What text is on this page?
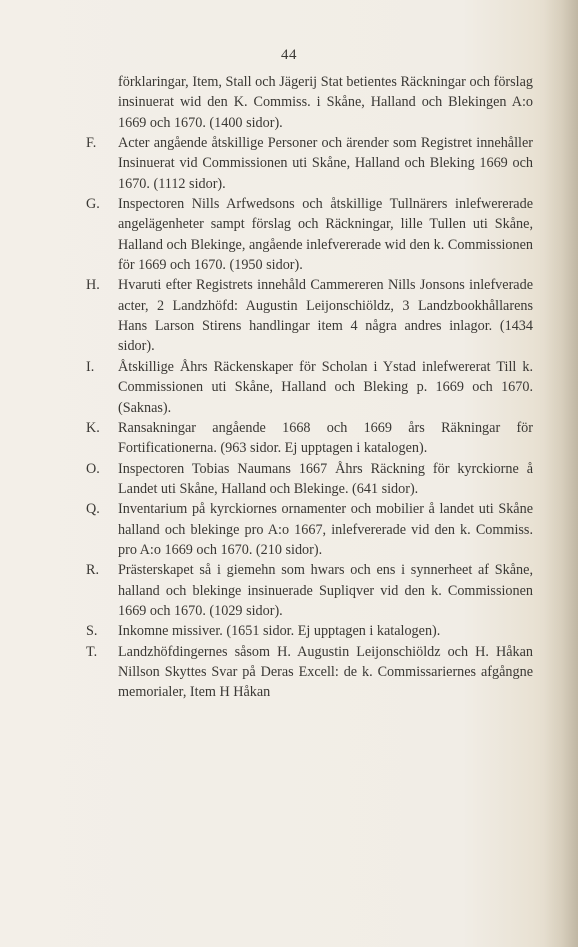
44

förklaringar, Item, Stall och Jägerij Stat betientes Räckningar och förslag insinuerat wid den K. Commiss. i Skåne, Halland och Blekingen A:o 1669 och 1670. (1400 sidor).

F.	Acter angående åtskillige Personer och ärender som Registret innehåller Insinuerat vid Commissionen uti Skåne, Halland och Bleking 1669 och 1670. (1112 sidor).

G.	Inspectoren Nills Arfwedsons och åtskillige Tullnärers inlefwererade angelägenheter sampt förslag och Räckningar, lille Tullen uti Skåne, Halland och Blekinge, angående inlefvererade wid den k. Commissionen för 1669 och 1670. (1950 sidor).

H.	Hvaruti efter Registrets innehåld Cammereren Nills Jonsons inlefverade acter, 2 Landzhöfd: Augustin Leijonschiöldz, 3 Landzbookhållarens Hans Larson Stirens handlingar item 4 några andres inlagor. (1434 sidor).

I.	Åtskillige Åhrs Räckenskaper för Scholan i Ystad inlefwererat Till k. Commissionen uti Skåne, Halland och Bleking p. 1669 och 1670. (Saknas).

K.	Ransakningar angående 1668 och 1669 års Räkningar för Fortificationerna. (963 sidor. Ej upptagen i katalogen).

O.	Inspectoren Tobias Naumans 1667 Åhrs Räckning för kyrckiorne å Landet uti Skåne, Halland och Blekinge. (641 sidor).

Q.	Inventarium på kyrckiornes ornamenter och mobilier å landet uti Skåne halland och blekinge pro A:o 1667, inlefvererade vid den k. Commiss. pro A:o 1669 och 1670. (210 sidor).

R.	Prästerskapet så i giemehn som hwars och ens i synnerheet af Skåne, halland och blekinge insinuerade Supliqver vid den k. Commissionen 1669 och 1670. (1029 sidor).

S.	Inkomne missiver. (1651 sidor. Ej upptagen i katalogen).

T.	Landzhöfdingernes såsom H. Augustin Leijonschiöldz och H. Håkan Nillson Skyttes Svar på Deras Excell: de k. Commissariernes afgångne memorialer, Item H Håkan
